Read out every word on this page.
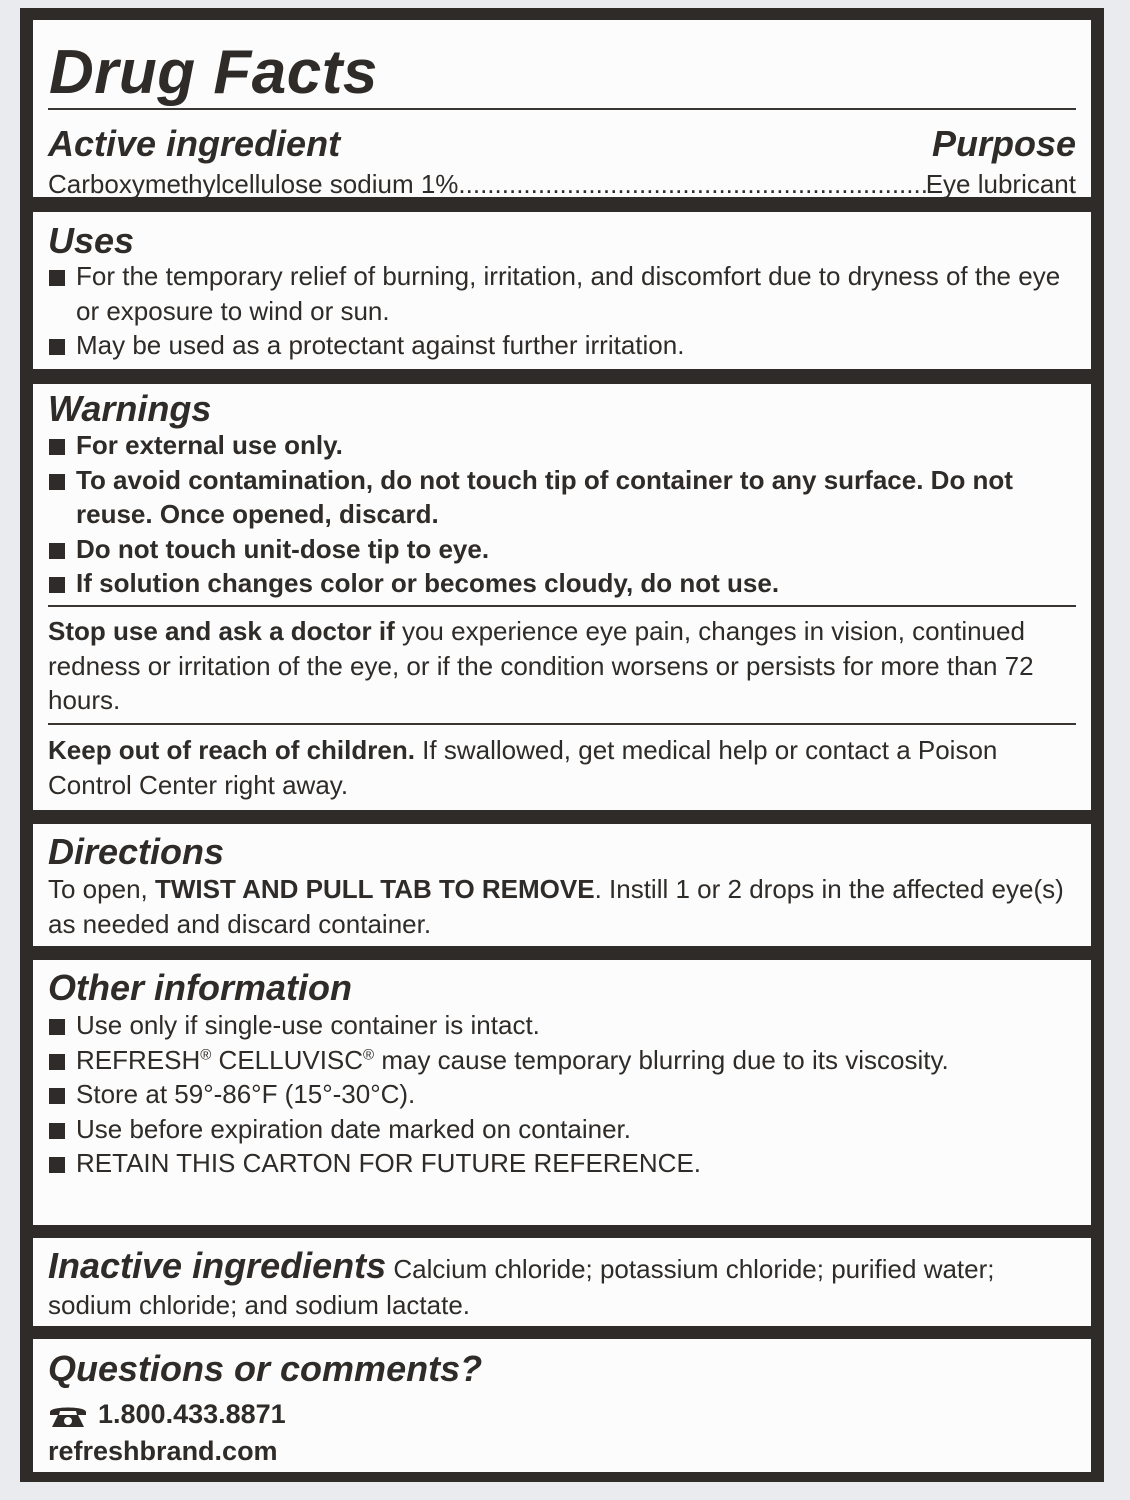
Drug Facts
Active ingredient	Purpose
Carboxymethylcellulose sodium 1%
.....	Eye lubricant
Uses
For the temporary relief of burning, irritation, and discomfort due to dryness of the eye or exposure to wind or sun.
May be used as a protectant against further irritation.
Warnings
For external use only.
To avoid contamination, do not touch tip of container to any surface. Do not reuse. Once opened, discard.
Do not touch unit-dose tip to eye.
If solution changes color or becomes cloudy, do not use.

Stop use and ask a doctor if you experience eye pain, changes in vision, continued redness or irritation of the eye, or if the condition worsens or persists for more than 72 hours.

Keep out of reach of children. If swallowed, get medical help or contact a Poison Control Center right away.

Directions

To open, TWIST AND PULL TAB TO REMOVE. Instill 1 or 2 drops in the affected eye(s) as needed and discard container.

Other information
Use only if single-use container is intact.
REFRESH® CELLUVISC® may cause temporary blurring due to its viscosity.
Store at 59°-86°F (15°-30°C).
Use before expiration date marked on container.
RETAIN THIS CARTON FOR FUTURE REFERENCE.

Inactive ingredients Calcium chloride; potassium chloride; purified water; sodium chloride; and sodium lactate.

Questions or comments?
1.800.433.8871
refreshbrand.com
